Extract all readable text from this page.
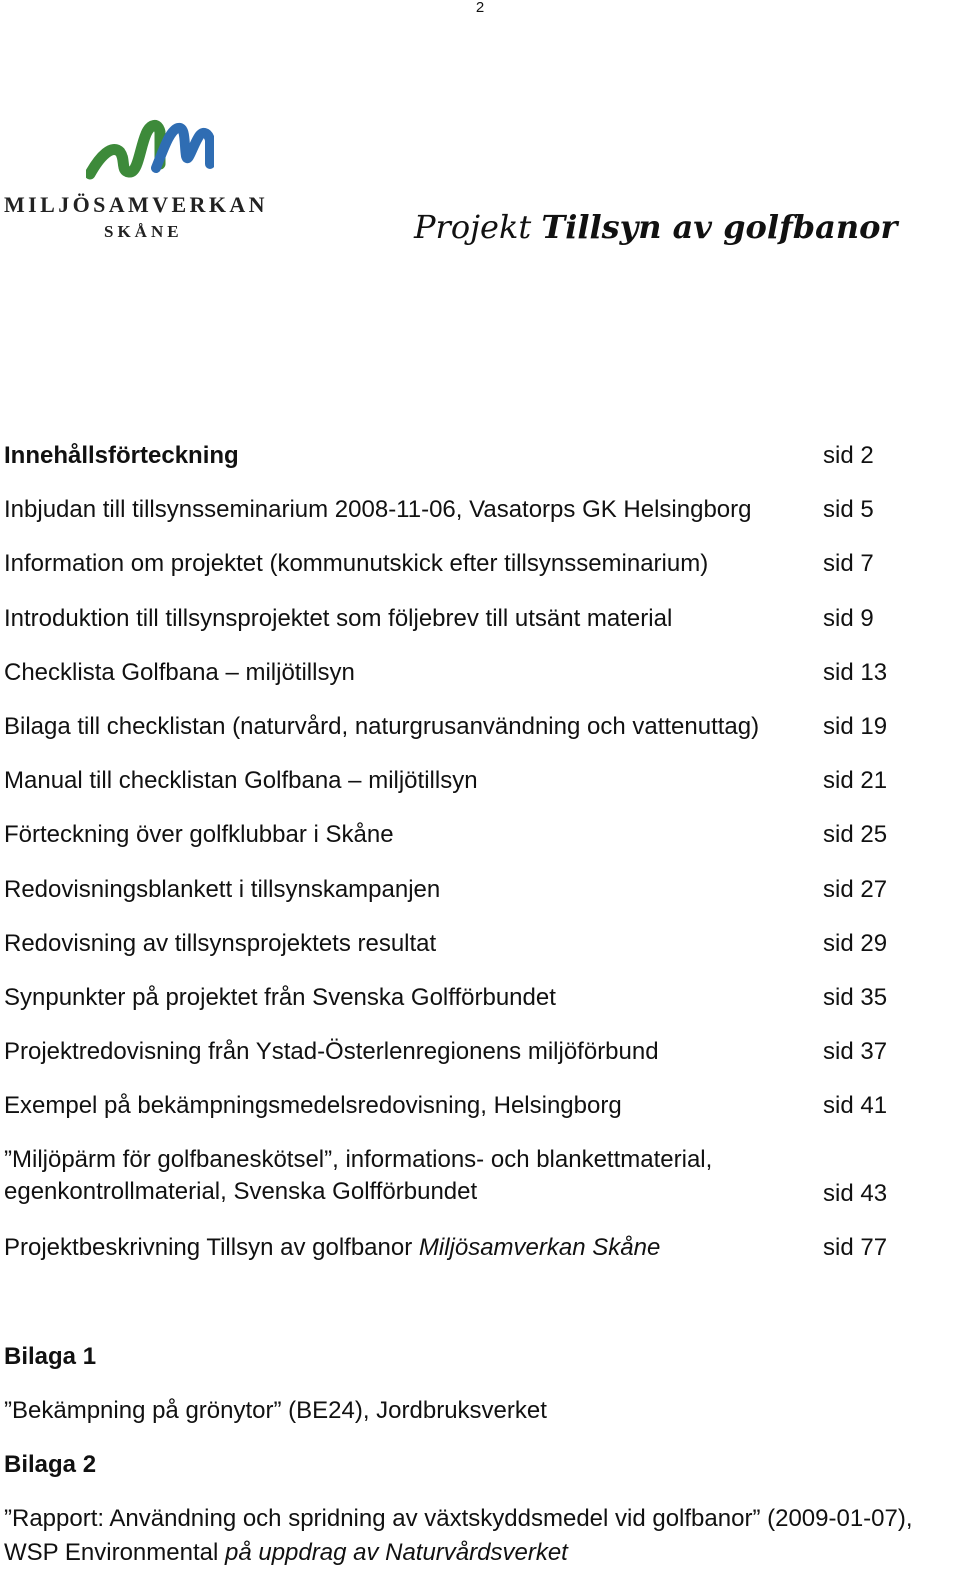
2
MILJÖSAMVERKAN
SKÅNE	Projekt Tillsyn av golfbanor
Innehållsförteckning	sid 2
Inbjudan till tillsynsseminarium 2008-11-06, Vasatorps GK Helsingborg	sid 5
Information om projektet (kommunutskick efter tillsynsseminarium)	sid 7
Introduktion till tillsynsprojektet som följebrev till utsänt material	sid 9
Checklista Golfbana – miljötillsyn	sid 13
Bilaga till checklistan (naturvård, naturgrusanvändning och vattenuttag)	sid 19
Manual till checklistan Golfbana – miljötillsyn	sid 21
Förteckning över golfklubbar i Skåne	sid 25
Redovisningsblankett i tillsynskampanjen	sid 27
Redovisning av tillsynsprojektets resultat	sid 29
Synpunkter på projektet från Svenska Golfförbundet	sid 35
Projektredovisning från Ystad-Österlenregionens miljöförbund	sid 37
Exempel på bekämpningsmedelsredovisning, Helsingborg	sid 41
”Miljöpärm för golfbaneskötsel”, informations- och blankettmaterial,
egenkontrollmaterial, Svenska Golfförbundet	sid 43
Projektbeskrivning Tillsyn av golfbanor Miljösamverkan Skåne	sid 77
Bilaga 1
”Bekämpning på grönytor” (BE24), Jordbruksverket
Bilaga 2
”Rapport: Användning och spridning av växtskyddsmedel vid golfbanor” (2009-01-07),
WSP Environmental på uppdrag av Naturvårdsverket
